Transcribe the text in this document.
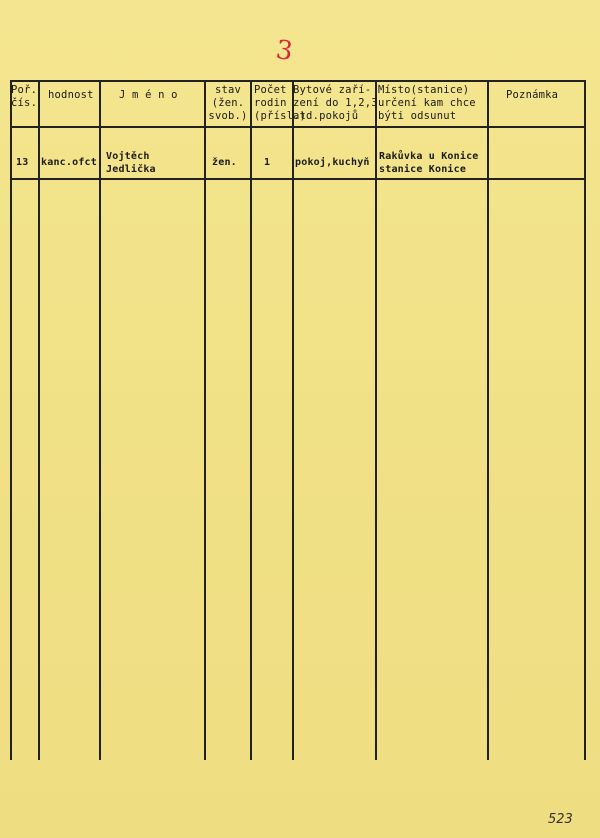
3
Poř.
čís.
hodnost J m é n o	stav
(žen.
svob.)
Počet
rodin
(přísl.)
Bytové zaří-
zení do 1,2,3
atd.pokojů
Místo(stanice)
určení kam chce
býti odsunut
Poznámka
13 kanc.ofct.
Vojtěch
Jedlička
žen.	1 pokoj,kuchyň
Rakůvka u Konice
stanice Konice
523
